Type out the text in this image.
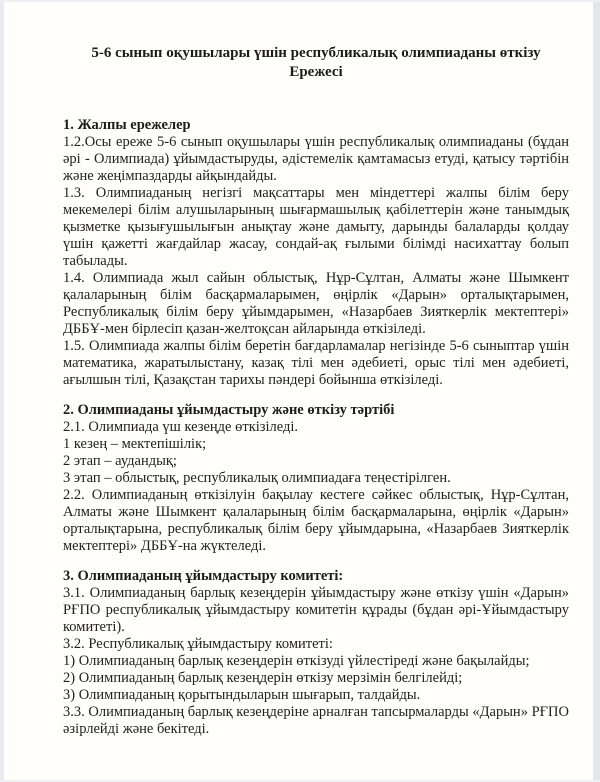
5-6 сынып оқушылары үшін республикалық олимпиаданы өткізу
Ережесі
1. Жалпы ережелер

1.2.Осы ереже 5-6 сынып оқушылары үшін республикалық олимпиаданы (бұдан әрі - Олимпиада) ұйымдастыруды, әдістемелік қамтамасыз етуді, қатысу тәртібін және жеңімпаздарды айқындайды.

1.3. Олимпиаданың негізгі мақсаттары мен міндеттері жалпы білім беру мекемелері білім алушыларының шығармашылық қабілеттерін және танымдық қызметке қызығушылығын анықтау және дамыту, дарынды балаларды қолдау үшін қажетті жағдайлар жасау, сондай-ақ ғылыми білімді насихаттау болып табылады.

1.4. Олимпиада жыл сайын облыстық, Нұр-Сұлтан, Алматы және Шымкент қалаларының білім басқармаларымен, өңірлік «Дарын» орталықтарымен, Республикалық білім беру ұйымдарымен, «Назарбаев Зияткерлік мектептері» ДББҰ-мен бірлесіп қазан-желтоқсан айларында өткізіледі.

1.5. Олимпиада жалпы білім беретін бағдарламалар негізінде 5-6 сыныптар үшін математика, жаратылыстану, казақ тілі мен әдебиеті, орыс тілі мен әдебиеті, ағылшын тілі, Қазақстан тарихы пәндері бойынша өткізіледі.

2. Олимпиаданы ұйымдастыру және өткізу тәртібі

2.1. Олимпиада үш кезеңде өткізіледі.

1 кезең – мектепішілік;

2 этап – аудандық;

3 этап – облыстық, республикалық олимпиадаға теңестірілген.

2.2. Олимпиаданың өткізілуін бақылау кестеге сәйкес облыстық, Нұр-Сұлтан, Алматы және Шымкент қалаларының білім басқармаларына, өңірлік «Дарын» орталықтарына, республикалық білім беру ұйымдарына, «Назарбаев Зияткерлік мектептері» ДББҰ-на жүктеледі.

3. Олимпиаданың ұйымдастыру комитеті:

3.1. Олимпиаданың барлық кезеңдерін ұйымдастыру және өткізу үшін «Дарын» РҒПО республикалық ұйымдастыру комитетін құрады (бұдан әрі-Ұйымдастыру комитеті).

3.2. Республикалық ұйымдастыру комитеті:

1) Олимпиаданың барлық кезеңдерін өткізуді үйлестіреді және бақылайды;

2) Олимпиаданың барлық кезеңдерін өткізу мерзімін белгілейді;

3) Олимпиаданың қорытындыларын шығарып, талдайды.

3.3. Олимпиаданың барлық кезеңдеріне арналған тапсырмаларды «Дарын» РҒПО әзірлейді және бекітеді.
